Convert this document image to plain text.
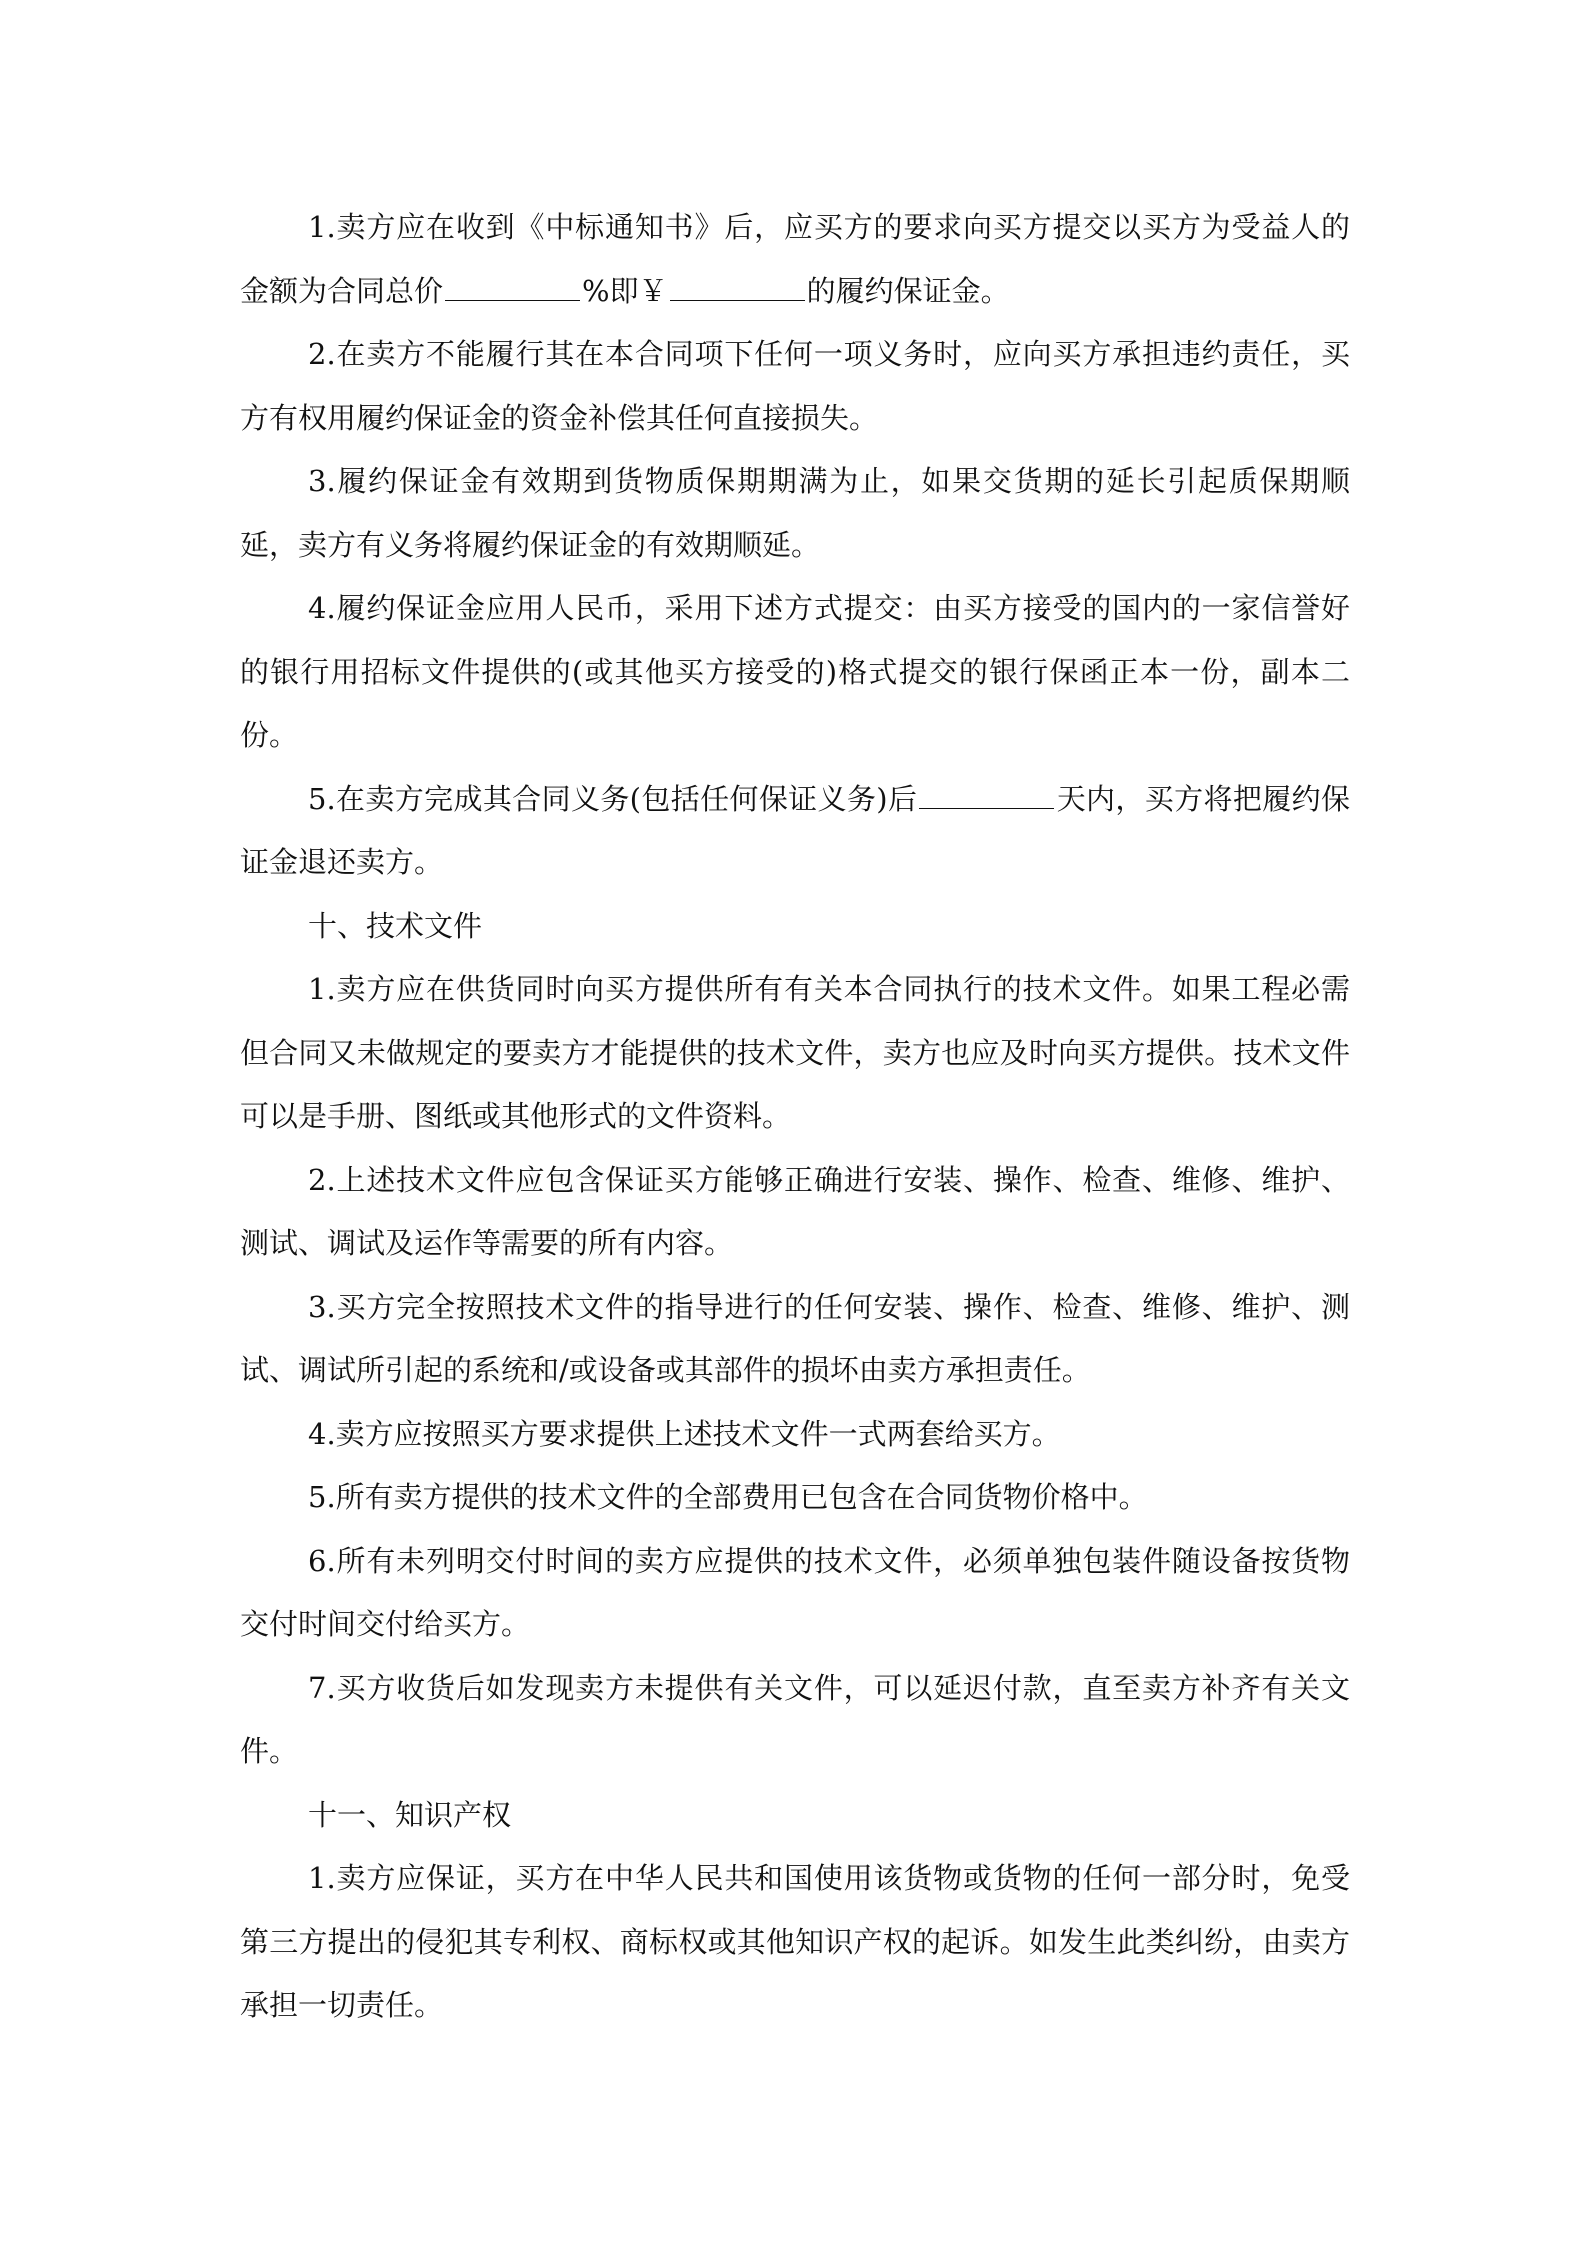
1.卖方应在收到《中标通知书》后，应买方的要求向买方提交以买方为受益人的金额为合同总价	%即￥	的履约保证金。

2.在卖方不能履行其在本合同项下任何一项义务时，应向买方承担违约责任，买方有权用履约保证金的资金补偿其任何直接损失。

3.履约保证金有效期到货物质保期期满为止，如果交货期的延长引起质保期顺延，卖方有义务将履约保证金的有效期顺延。

4.履约保证金应用人民币，采用下述方式提交：由买方接受的国内的一家信誉好的银行用招标文件提供的(或其他买方接受的)格式提交的银行保函正本一份，副本二份。

5.在卖方完成其合同义务(包括任何保证义务)后	天内，买方将把履约保证金退还卖方。

十、技术文件

1.卖方应在供货同时向买方提供所有有关本合同执行的技术文件。如果工程必需但合同又未做规定的要卖方才能提供的技术文件，卖方也应及时向买方提供。技术文件可以是手册、图纸或其他形式的文件资料。

2.上述技术文件应包含保证买方能够正确进行安装、操作、检查、维修、维护、测试、调试及运作等需要的所有内容。

3.买方完全按照技术文件的指导进行的任何安装、操作、检查、维修、维护、测试、调试所引起的系统和/或设备或其部件的损坏由卖方承担责任。

4.卖方应按照买方要求提供上述技术文件一式两套给买方。

5.所有卖方提供的技术文件的全部费用已包含在合同货物价格中。

6.所有未列明交付时间的卖方应提供的技术文件，必须单独包装件随设备按货物交付时间交付给买方。

7.买方收货后如发现卖方未提供有关文件，可以延迟付款，直至卖方补齐有关文件。

十一、知识产权

1.卖方应保证，买方在中华人民共和国使用该货物或货物的任何一部分时，免受第三方提出的侵犯其专利权、商标权或其他知识产权的起诉。如发生此类纠纷，由卖方承担一切责任。
